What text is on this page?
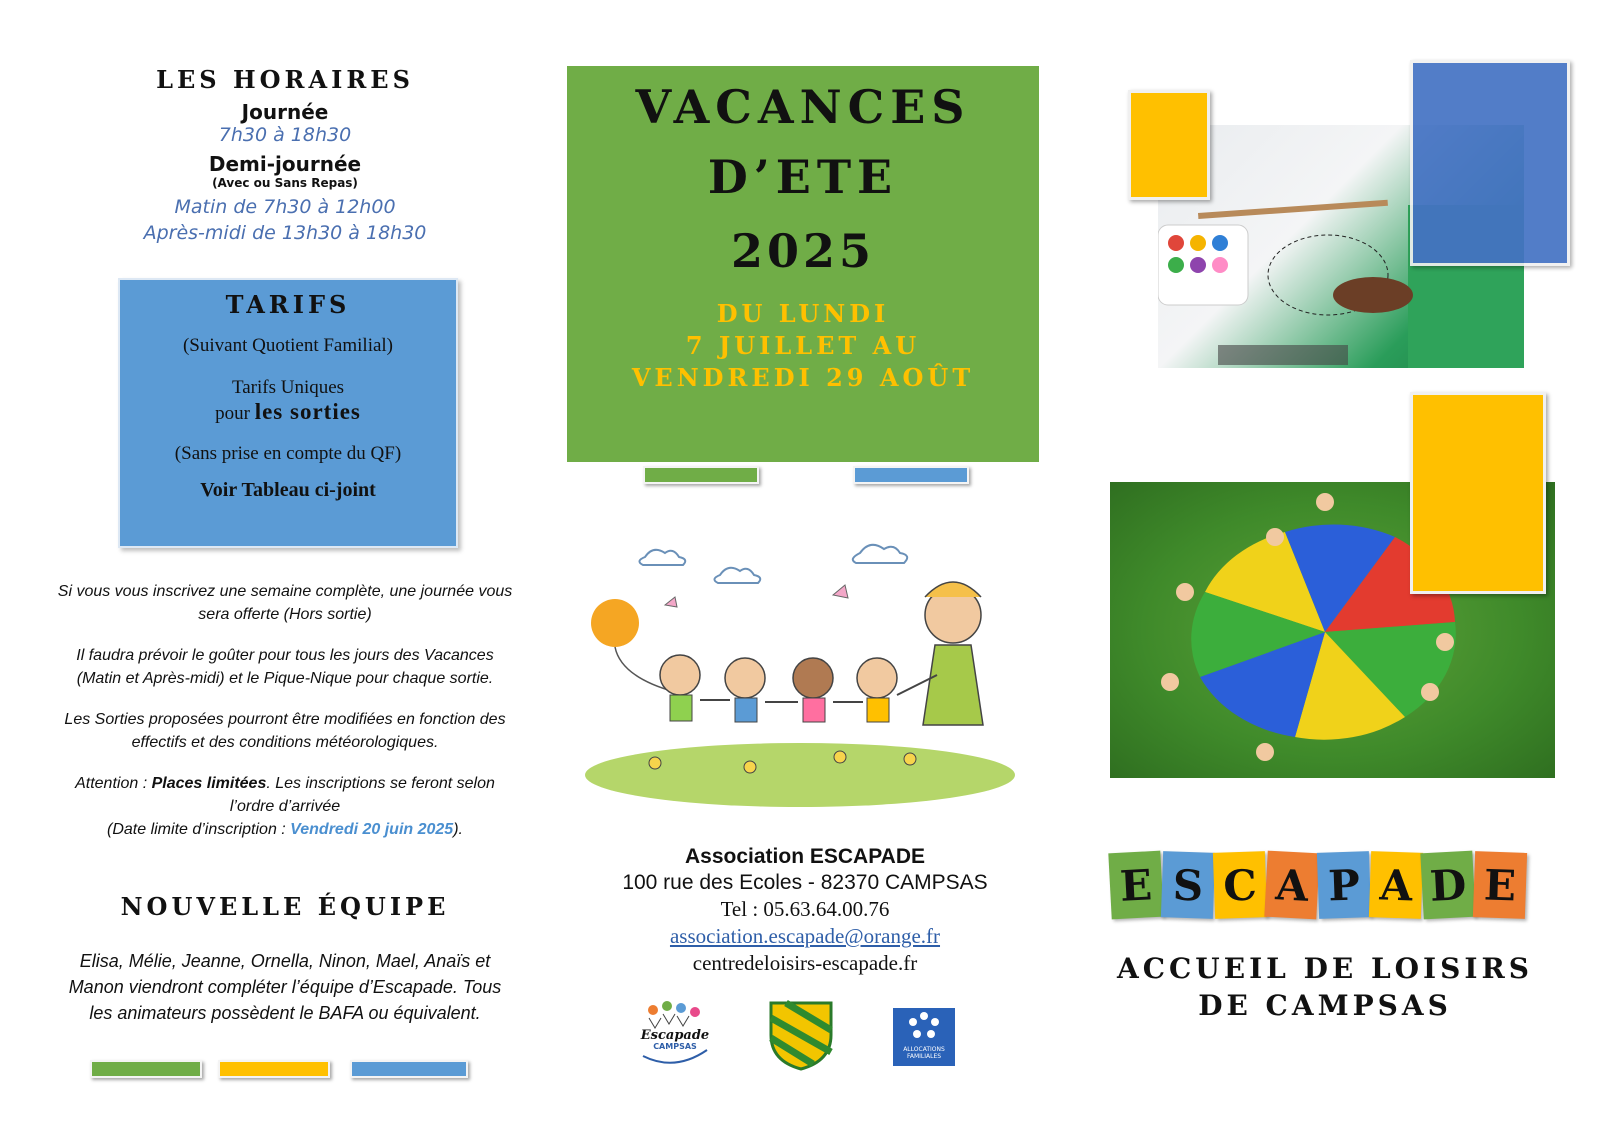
LES HORAIRES
Journée
7h30 à 18h30
Demi-journée
(Avec ou Sans Repas)
Matin de 7h30 à 12h00
Après-midi de 13h30 à 18h30
TARIFS

(Suivant Quotient Familial)

Tarifs Uniques

pour les sorties

(Sans prise en compte du QF)

Voir Tableau ci-joint

Si vous vous inscrivez une semaine complète, une journée vous sera offerte (Hors sortie)

Il faudra prévoir le goûter pour tous les jours des Vacances (Matin et Après-midi) et le Pique-Nique pour chaque sortie.

Les Sorties proposées pourront être modifiées en fonction des effectifs et des conditions météorologiques.

Attention : Places limitées. Les inscriptions se feront selon l’ordre d’arrivée
(Date limite d’inscription : Vendredi 20 juin 2025).

NOUVELLE ÉQUIPE
Elisa, Mélie, Jeanne, Ornella, Ninon, Mael, Anaïs et Manon viendront compléter l’équipe d’Escapade. Tous les animateurs possèdent le BAFA ou équivalent.
VACANCES
D’ETE
2025
DU LUNDI
7 JUILLET AU
VENDREDI 29 AOÛT
Association ESCAPADE
100 rue des Ecoles - 82370 CAMPSAS
Tel : 05.63.64.00.76
association.escapade@orange.fr
centredeloisirs-escapade.fr
Escapade
CAMPSAS	ALLOCATIONS FAMILIALES
E S C A P A D E
ACCUEIL DE LOISIRS DE CAMPSAS
